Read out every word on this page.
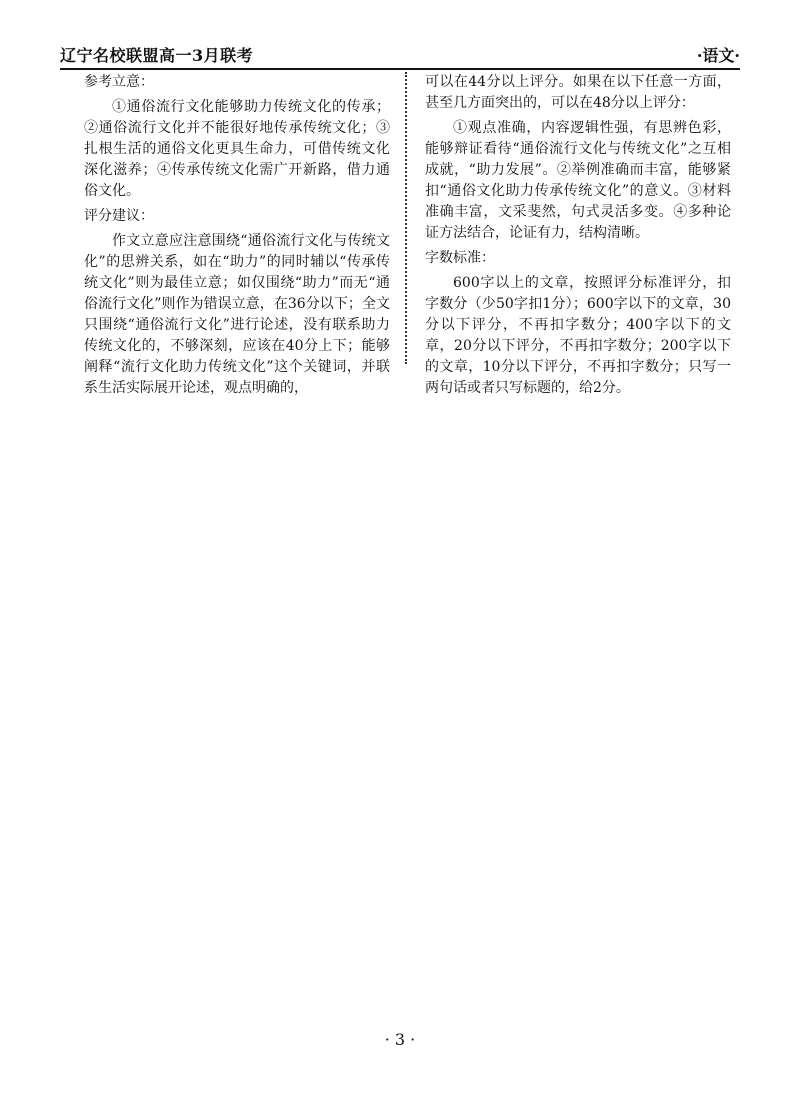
辽宁名校联盟高一3月联考	·语文·

参考立意：

①通俗流行文化能够助力传统文化的传承；②通俗流行文化并不能很好地传承传统文化；③扎根生活的通俗文化更具生命力，可借传统文化深化滋养；④传承传统文化需广开新路，借力通俗文化。

评分建议：

作文立意应注意围绕“通俗流行文化与传统文化”的思辨关系，如在“助力”的同时辅以“传承传统文化”则为最佳立意；如仅围绕“助力”而无“通俗流行文化”则作为错误立意，在36分以下；全文只围绕“通俗流行文化”进行论述，没有联系助力传统文化的，不够深刻，应该在40分上下；能够阐释“流行文化助力传统文化”这个关键词，并联系生活实际展开论述，观点明确的，

可以在44分以上评分。如果在以下任意一方面，甚至几方面突出的，可以在48分以上评分：

①观点准确，内容逻辑性强，有思辨色彩，能够辩证看待“通俗流行文化与传统文化”之互相成就，“助力发展”。②举例准确而丰富，能够紧扣“通俗文化助力传承传统文化”的意义。③材料准确丰富，文采斐然，句式灵活多变。④多种论证方法结合，论证有力，结构清晰。

字数标准：

600字以上的文章，按照评分标准评分，扣字数分（少50字扣1分）；600字以下的文章，30分以下评分，不再扣字数分；400字以下的文章，20分以下评分，不再扣字数分；200字以下的文章，10分以下评分，不再扣字数分；只写一两句话或者只写标题的，给2分。

· 3 ·
